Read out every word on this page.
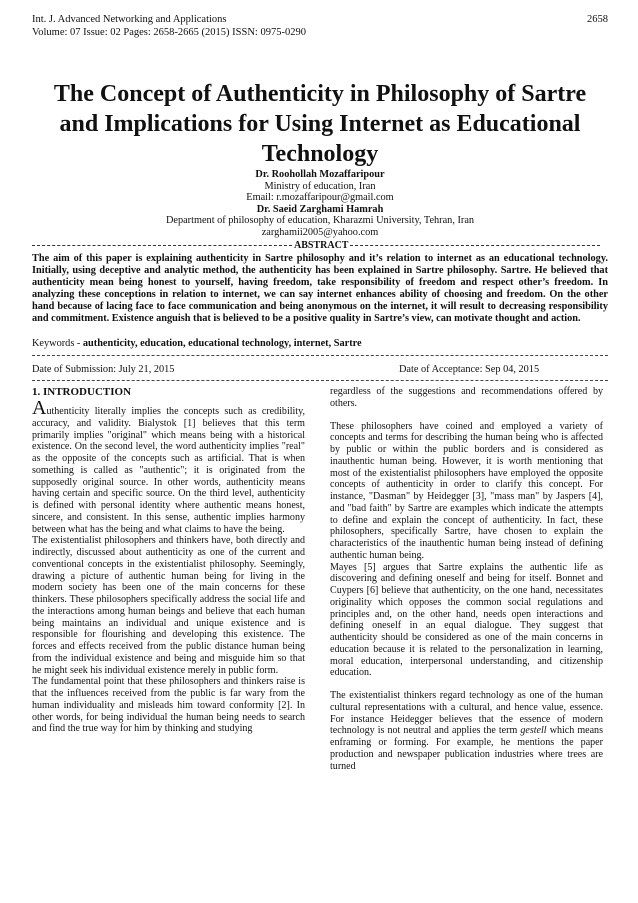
Int. J. Advanced Networking and Applications	2658
Volume: 07 Issue: 02 Pages: 2658-2665 (2015) ISSN: 0975-0290
The Concept of Authenticity in Philosophy of Sartre and Implications for Using Internet as Educational Technology
Dr. Roohollah Mozaffaripour
Ministry of education, Iran
Email: r.mozaffaripour@gmail.com
Dr. Saeid Zarghami Hamrah
Department of philosophy of education, Kharazmi University, Tehran, Iran
zarghamii2005@yahoo.com
ABSTRACT
The aim of this paper is explaining authenticity in Sartre philosophy and it’s relation to internet as an educational technology. Initially, using deceptive and analytic method, the authenticity has been explained in Sartre philosophy. Sartre. He believed that authenticity mean being honest to yourself, having freedom, take responsibility of freedom and respect other’s freedom. In analyzing these conceptions in relation to internet, we can say internet enhances ability of choosing and freedom. On the other hand because of lacing face to face communication and being anonymous on the internet, it will result to decreasing responsibility and commitment. Existence anguish that is believed to be a positive quality in Sartre’s view, can motivate thought and action.
Keywords - authenticity, education, educational technology, internet, Sartre
Date of Submission: July 21, 2015	Date of Acceptance: Sep 04, 2015

1. INTRODUCTION

Authenticity literally implies the concepts such as credibility, accuracy, and validity. Bialystok [1] believes that this term primarily implies "original" which means being with a historical existence. On the second level, the word authenticity implies "real" as the opposite of the concepts such as artificial. That is when something is called as "authentic"; it is originated from the supposedly original source. In other words, authenticity means having certain and specific source. On the third level, authenticity is defined with personal identity where authentic means honest, sincere, and consistent. In this sense, authentic implies harmony between what has the being and what claims to have the being.

The existentialist philosophers and thinkers have, both directly and indirectly, discussed about authenticity as one of the current and conventional concepts in the existentialist philosophy. Seemingly, drawing a picture of authentic human being for living in the modern society has been one of the main concerns for these thinkers. These philosophers specifically address the social life and the interactions among human beings and believe that each human being maintains an individual and unique existence and is responsible for flourishing and developing this existence. The forces and effects received from the public distance human being from the individual existence and being and misguide him so that he might seek his individual existence merely in public form.

The fundamental point that these philosophers and thinkers raise is that the influences received from the public is far wary from the human individuality and misleads him toward conformity [2]. In other words, for being individual the human being needs to search and find the true way for him by thinking and studying

regardless of the suggestions and recommendations offered by others.

These philosophers have coined and employed a variety of concepts and terms for describing the human being who is affected by public or within the public borders and is considered as inauthentic human being. However, it is worth mentioning that most of the existentialist philosophers have employed the opposite concepts of authenticity in order to clarify this concept. For instance, "Dasman" by Heidegger [3], "mass man" by Jaspers [4], and "bad faith" by Sartre are examples which indicate the attempts to define and explain the concept of authenticity. In fact, these philosophers, specifically Sartre, have chosen to explain the characteristics of the inauthentic human being instead of defining authentic human being.

Mayes [5] argues that Sartre explains the authentic life as discovering and defining oneself and being for itself. Bonnet and Cuypers [6] believe that authenticity, on the one hand, necessitates originality which opposes the common social regulations and principles and, on the other hand, needs open interactions and defining oneself in an equal dialogue. They suggest that authenticity should be considered as one of the main concerns in education because it is related to the personalization in learning, moral education, interpersonal understanding, and citizenship education.

The existentialist thinkers regard technology as one of the human cultural representations with a cultural, and hence value, essence. For instance Heidegger believes that the essence of modern technology is not neutral and applies the term gestell which means enframing or forming. For example, he mentions the paper production and newspaper publication industries where trees are turned
